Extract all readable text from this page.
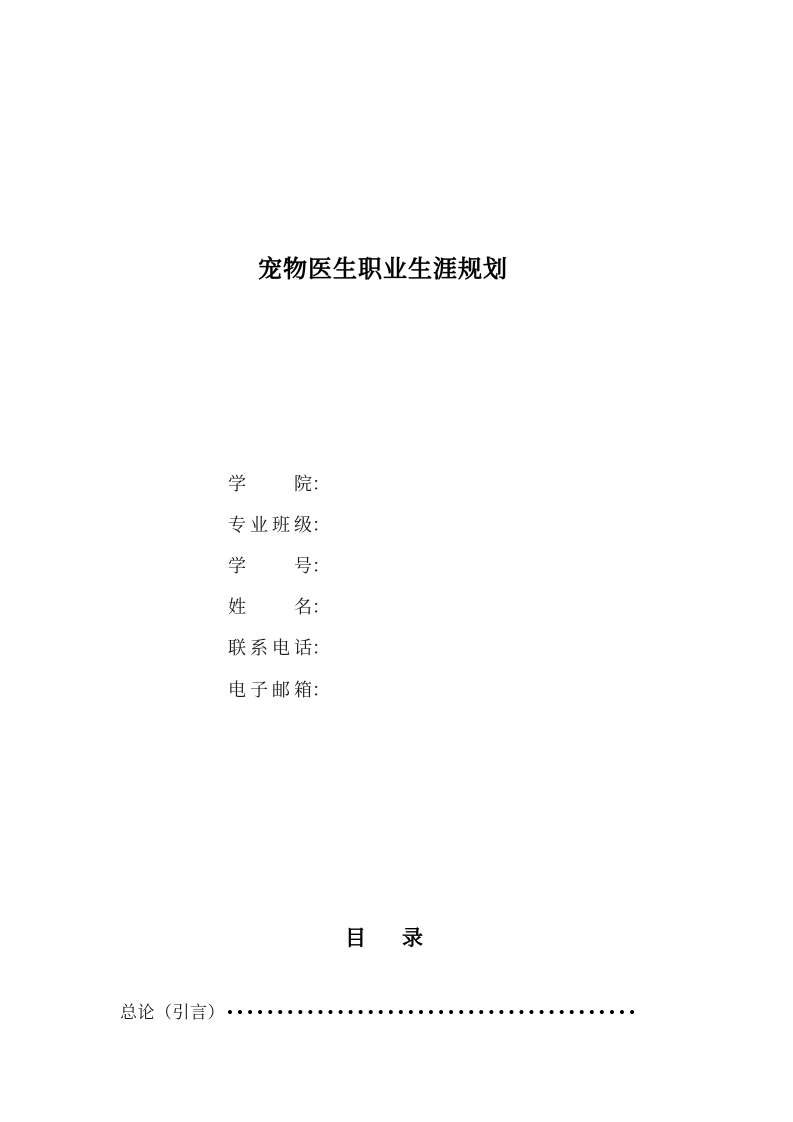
宠物医生职业生涯规划
学院 ：
专业班级 ：
学号 ：
姓名 ：
联系电话 ：
电子邮箱 ：
目录
总论（引言） •••••••••••••••••••••••••••••••••••••••••
